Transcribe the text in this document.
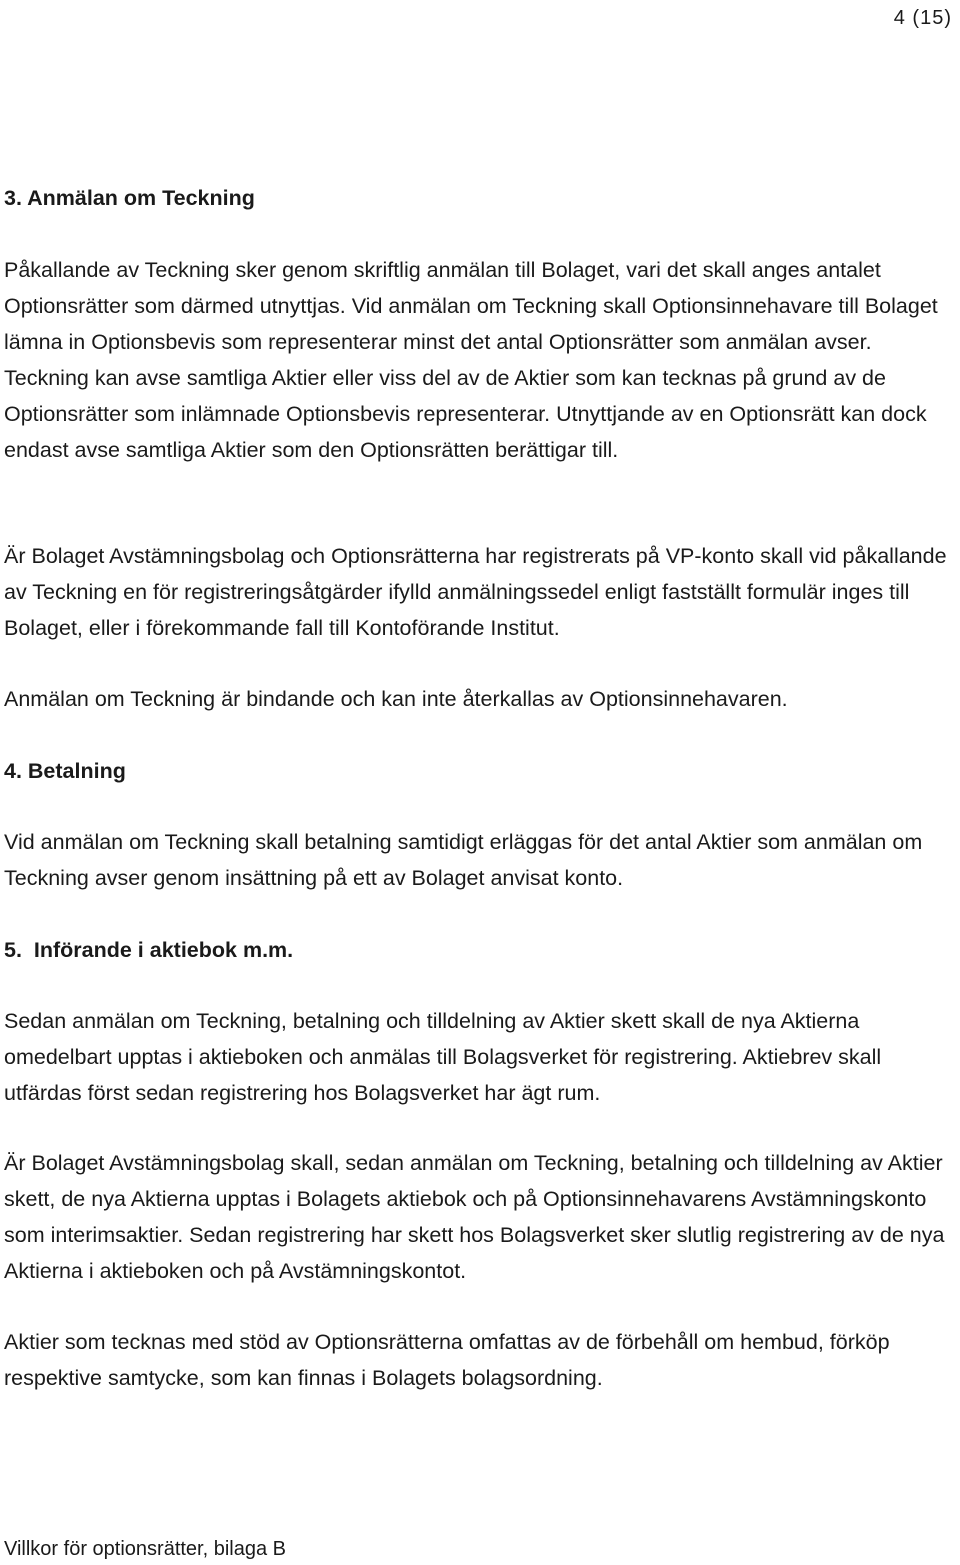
4 (15)
3. Anmälan om Teckning

Påkallande av Teckning sker genom skriftlig anmälan till Bolaget, vari det skall anges antalet Optionsrätter som därmed utnyttjas. Vid anmälan om Teckning skall Optionsinnehavare till Bolaget lämna in Optionsbevis som representerar minst det antal Optionsrätter som anmälan avser. Teckning kan avse samtliga Aktier eller viss del av de Aktier som kan tecknas på grund av de Optionsrätter som inlämnade Optionsbevis representerar. Utnyttjande av en Optionsrätt kan dock endast avse samtliga Aktier som den Optionsrätten berättigar till.

Är Bolaget Avstämningsbolag och Optionsrätterna har registrerats på VP-konto skall vid påkallande av Teckning en för registreringsåtgärder ifylld anmälningssedel enligt fastställt formulär inges till Bolaget, eller i förekommande fall till Kontoförande Institut.

Anmälan om Teckning är bindande och kan inte återkallas av Optionsinnehavaren.

4. Betalning

Vid anmälan om Teckning skall betalning samtidigt erläggas för det antal Aktier som anmälan om Teckning avser genom insättning på ett av Bolaget anvisat konto.

5.  Införande i aktiebok m.m.

Sedan anmälan om Teckning, betalning och tilldelning av Aktier skett skall de nya Aktierna omedelbart upptas i aktieboken och anmälas till Bolagsverket för registrering. Aktiebrev skall utfärdas först sedan registrering hos Bolagsverket har ägt rum.

Är Bolaget Avstämningsbolag skall, sedan anmälan om Teckning, betalning och tilldelning av Aktier skett, de nya Aktierna upptas i Bolagets aktiebok och på Optionsinnehavarens Avstämningskonto som interimsaktier. Sedan registrering har skett hos Bolagsverket sker slutlig registrering av de nya Aktierna i aktieboken och på Avstämningskontot.

Aktier som tecknas med stöd av Optionsrätterna omfattas av de förbehåll om hembud, förköp respektive samtycke, som kan finnas i Bolagets bolagsordning.

Villkor för optionsrätter, bilaga B
